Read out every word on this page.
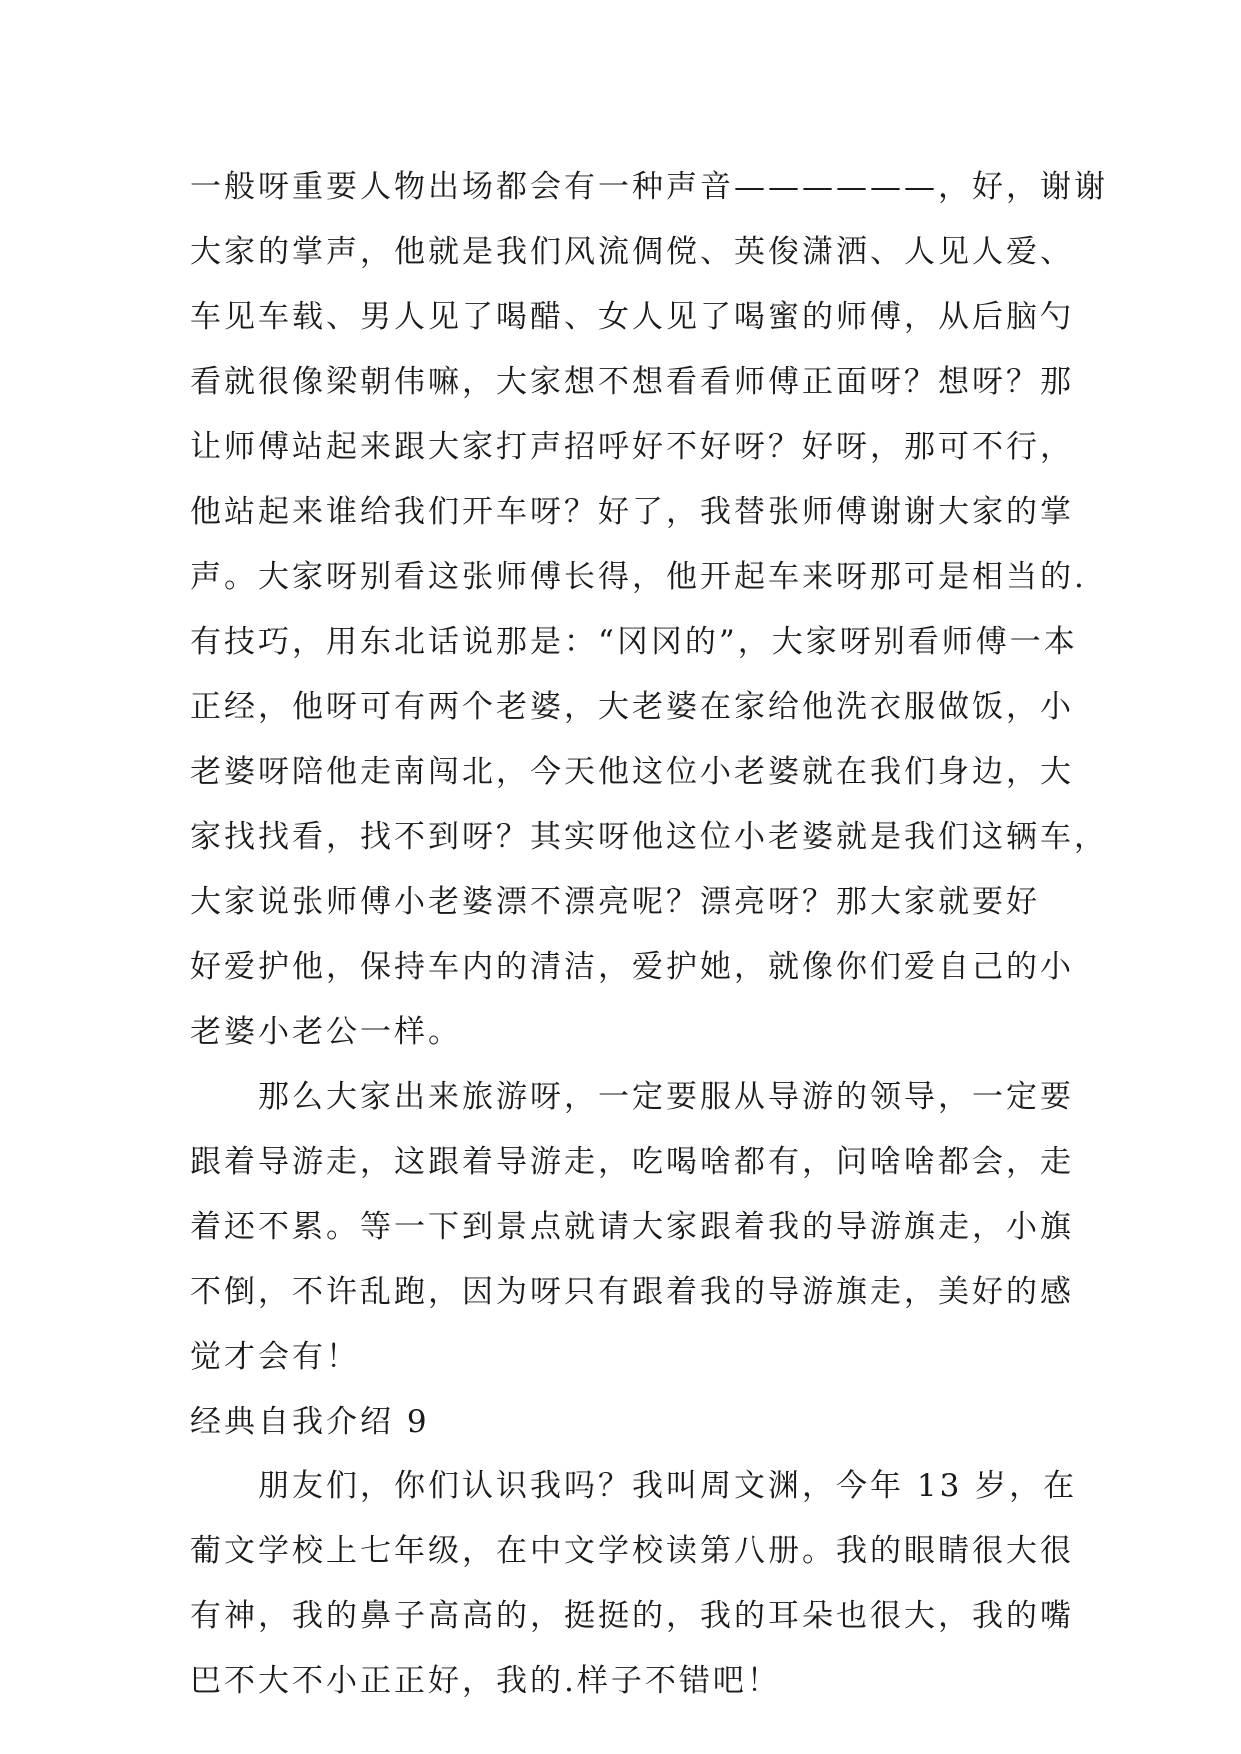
一般呀重要人物出场都会有一种声音——————，好，谢谢
大家的掌声，他就是我们风流倜傥、英俊潇洒、人见人爱、
车见车载、男人见了喝醋、女人见了喝蜜的师傅，从后脑勺
看就很像梁朝伟嘛，大家想不想看看师傅正面呀？想呀？那
让师傅站起来跟大家打声招呼好不好呀？好呀，那可不行，
他站起来谁给我们开车呀？好了，我替张师傅谢谢大家的掌
声。大家呀别看这张师傅长得，他开起车来呀那可是相当的.
有技巧，用东北话说那是：“冈冈的”，大家呀别看师傅一本
正经，他呀可有两个老婆，大老婆在家给他洗衣服做饭，小
老婆呀陪他走南闯北，今天他这位小老婆就在我们身边，大
家找找看，找不到呀？其实呀他这位小老婆就是我们这辆车，
大家说张师傅小老婆漂不漂亮呢？漂亮呀？那大家就要好
好爱护他，保持车内的清洁，爱护她，就像你们爱自己的小
老婆小老公一样。
　　那么大家出来旅游呀，一定要服从导游的领导，一定要
跟着导游走，这跟着导游走，吃喝啥都有，问啥啥都会，走
着还不累。等一下到景点就请大家跟着我的导游旗走，小旗
不倒，不许乱跑，因为呀只有跟着我的导游旗走，美好的感
觉才会有！
经典自我介绍 9
　　朋友们，你们认识我吗？我叫周文渊，今年 13 岁，在
葡文学校上七年级，在中文学校读第八册。我的眼睛很大很
有神，我的鼻子高高的，挺挺的，我的耳朵也很大，我的嘴
巴不大不小正正好，我的.样子不错吧！
